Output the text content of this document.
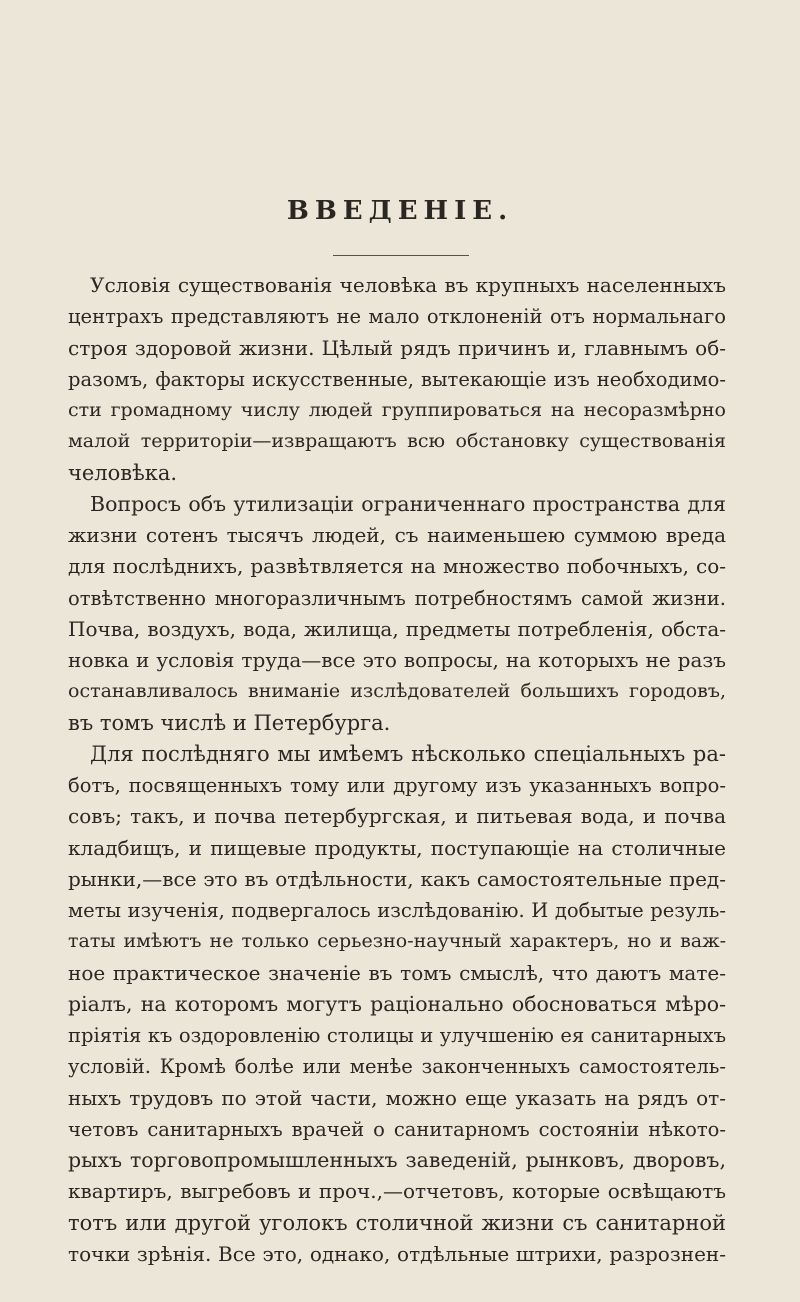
ВВЕДЕНІЕ.
Условія существованія человѣка въ крупныхъ населенныхъ
центрахъ представляютъ не мало отклоненій отъ нормальнаго
строя здоровой жизни. Цѣлый рядъ причинъ и, главнымъ об-
разомъ, факторы искусственные, вытекающіе изъ необходимо-
сти громадному числу людей группироваться на несоразмѣрно
малой территоріи—извращаютъ всю обстановку существованія
человѣка.
Вопросъ объ утилизаціи ограниченнаго пространства для
жизни сотенъ тысячъ людей, съ наименьшею суммою вреда
для послѣднихъ, развѣтвляется на множество побочныхъ, со-
отвѣтственно многоразличнымъ потребностямъ самой жизни.
Почва, воздухъ, вода, жилища, предметы потребленія, обста-
новка и условія труда—все это вопросы, на которыхъ не разъ
останавливалось вниманіе изслѣдователей большихъ городовъ,
въ томъ числѣ и Петербурга.
Для послѣдняго мы имѣемъ нѣсколько спеціальныхъ ра-
ботъ, посвященныхъ тому или другому изъ указанныхъ вопро-
совъ; такъ, и почва петербургская, и питьевая вода, и почва
кладбищъ, и пищевые продукты, поступающіе на столичные
рынки,—все это въ отдѣльности, какъ самостоятельные пред-
меты изученія, подвергалось изслѣдованію. И добытые резуль-
таты имѣютъ не только серьезно-научный характеръ, но и важ-
ное практическое значеніе въ томъ смыслѣ, что даютъ мате-
ріалъ, на которомъ могутъ раціонально обосноваться мѣро-
пріятія къ оздоровленію столицы и улучшенію ея санитарныхъ
условій. Кромѣ болѣе или менѣе законченныхъ самостоятель-
ныхъ трудовъ по этой части, можно еще указать на рядъ от-
четовъ санитарныхъ врачей о санитарномъ состояніи нѣкото-
рыхъ торговопромышленныхъ заведеній, рынковъ, дворовъ,
квартиръ, выгребовъ и проч.,—отчетовъ, которые освѣщаютъ
тотъ или другой уголокъ столичной жизни съ санитарной
точки зрѣнія. Все это, однако, отдѣльные штрихи, разрознен-
